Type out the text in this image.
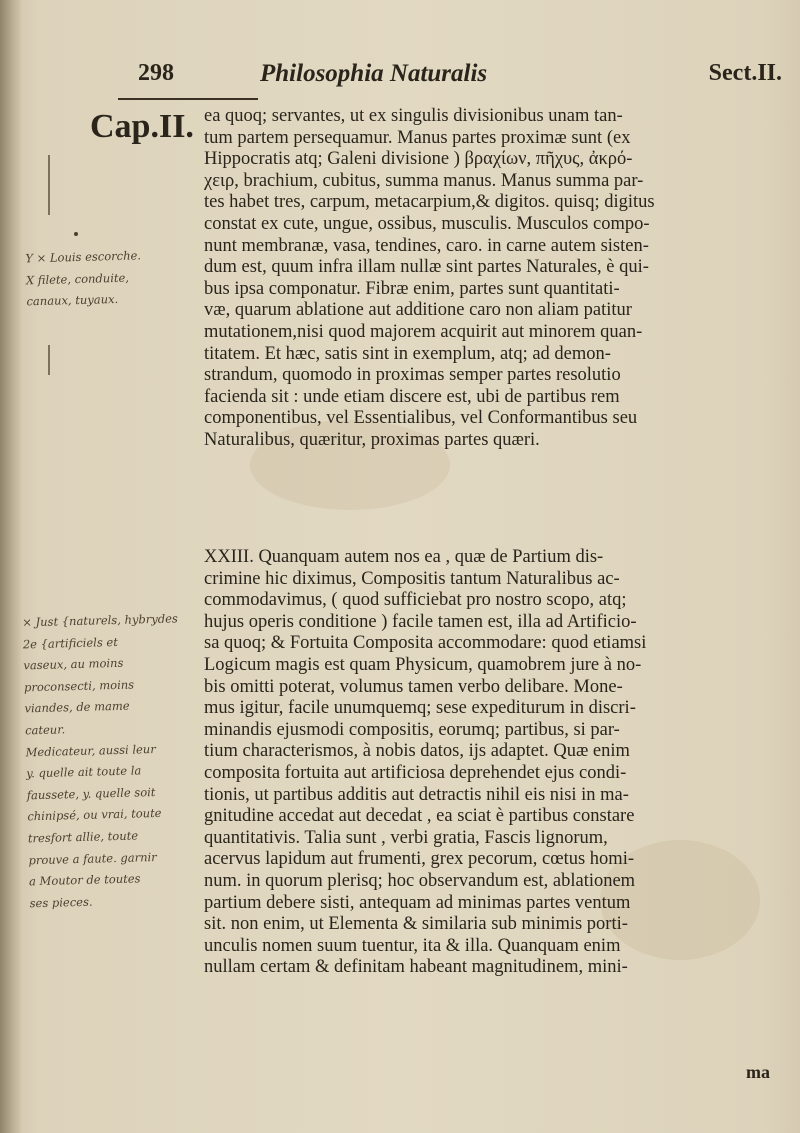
298	Philosophia Naturalis	Sect.II.
Cap.II.
Y × Louis escorche.
X filete, conduite,
canaux, tuyaux.
× Just {naturels, hybrydes
2e {artificiels et
vaseux, au moins
proconsecti, moins
viandes, de mame
cateur.
Medicateur, aussi leur
y. quelle ait toute la
faussete, y. quelle soit
chinipsé, ou vrai, toute
tresfort allie, toute
prouve a faute. garnir
a Moutor de toutes
ses pieces.
ea quoq; servantes, ut ex singulis divisionibus unam tan-
tum partem persequamur. Manus partes proximæ sunt (ex
Hippocratis atq; Galeni divisione ) βραχίων, πῆχυς, ἀκρό-
χειρ, brachium, cubitus, summa manus. Manus summa par-
tes habet tres, carpum, metacarpium,& digitos. quisq; digitus
constat ex cute, ungue, ossibus, musculis. Musculos compo-
nunt membranæ, vasa, tendines, caro. in carne autem sisten-
dum est, quum infra illam nullæ sint partes Naturales, è qui-
bus ipsa componatur. Fibræ enim, partes sunt quantitati-
væ, quarum ablatione aut additione caro non aliam patitur
mutationem,nisi quod majorem acquirit aut minorem quan-
titatem. Et hæc, satis sint in exemplum, atq; ad demon-
strandum, quomodo in proximas semper partes resolutio
facienda sit : unde etiam discere est, ubi de partibus rem
componentibus, vel Essentialibus, vel Conformantibus seu
Naturalibus, quæritur, proximas partes quæri.
XXIII. Quanquam autem nos ea , quæ de Partium dis-
crimine hic diximus, Compositis tantum Naturalibus ac-
commodavimus, ( quod sufficiebat pro nostro scopo, atq;
hujus operis conditione ) facile tamen est, illa ad Artificio-
sa quoq; & Fortuita Composita accommodare: quod etiamsi
Logicum magis est quam Physicum, quamobrem jure à no-
bis omitti poterat, volumus tamen verbo delibare. Mone-
mus igitur, facile unumquemq; sese expediturum in discri-
minandis ejusmodi compositis, eorumq; partibus, si par-
tium characterismos, à nobis datos, ijs adaptet. Quæ enim
composita fortuita aut artificiosa deprehendet ejus condi-
tionis, ut partibus additis aut detractis nihil eis nisi in ma-
gnitudine accedat aut decedat , ea sciat è partibus constare
quantitativis. Talia sunt , verbi gratia, Fascis lignorum,
acervus lapidum aut frumenti, grex pecorum, cœtus homi-
num. in quorum plerisq; hoc observandum est, ablationem
partium debere sisti, antequam ad minimas partes ventum
sit. non enim, ut Elementa & similaria sub minimis porti-
unculis nomen suum tuentur, ita & illa. Quanquam enim
nullam certam & definitam habeant magnitudinem, mini-
ma
